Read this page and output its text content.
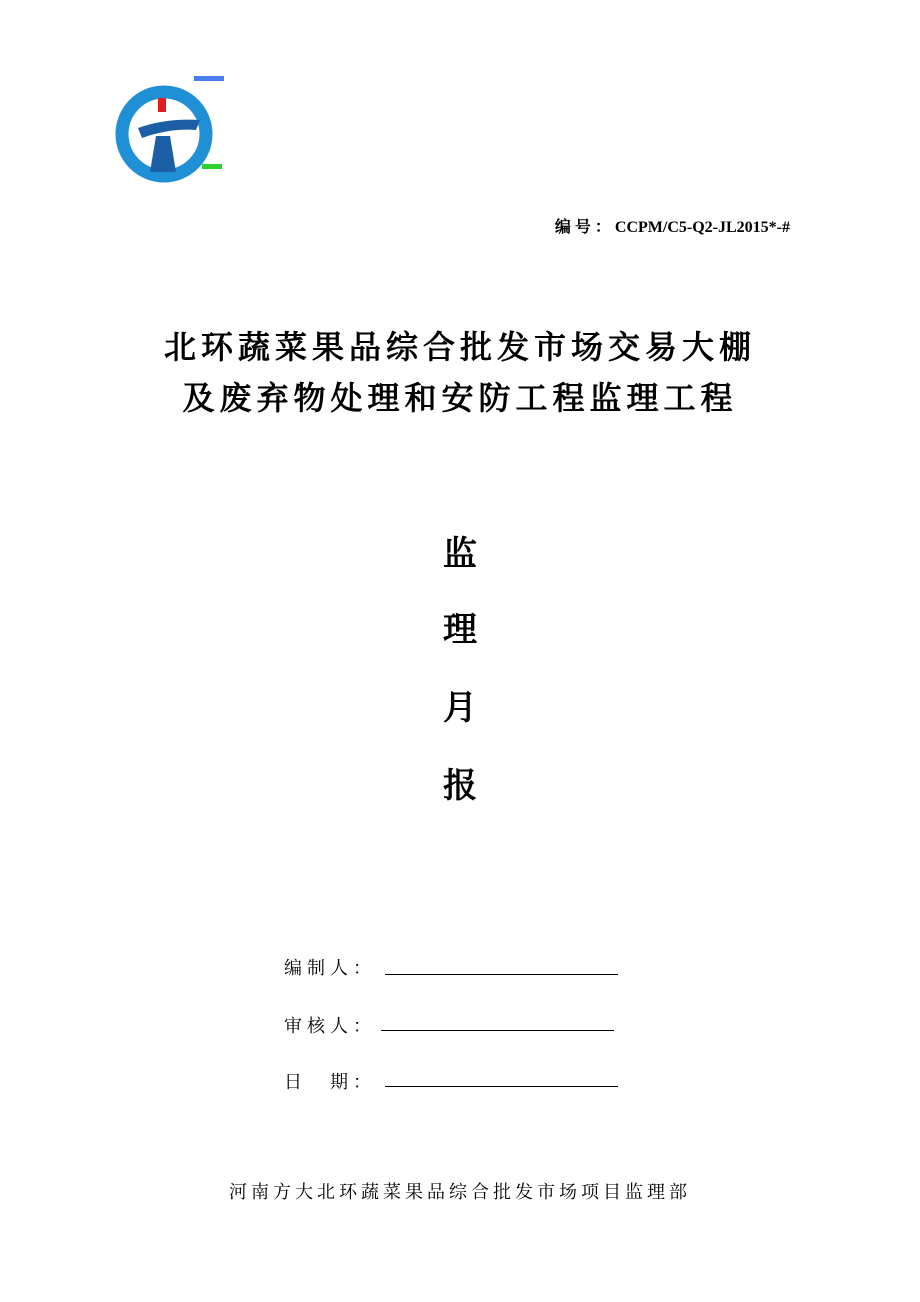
编号：CCPM/C5-Q2-JL2015*-#
北环蔬菜果品综合批发市场交易大棚
及废弃物处理和安防工程监理工程
监
理
月
报
编制人：
审核人：
日　期：
河南方大北环蔬菜果品综合批发市场项目监理部
